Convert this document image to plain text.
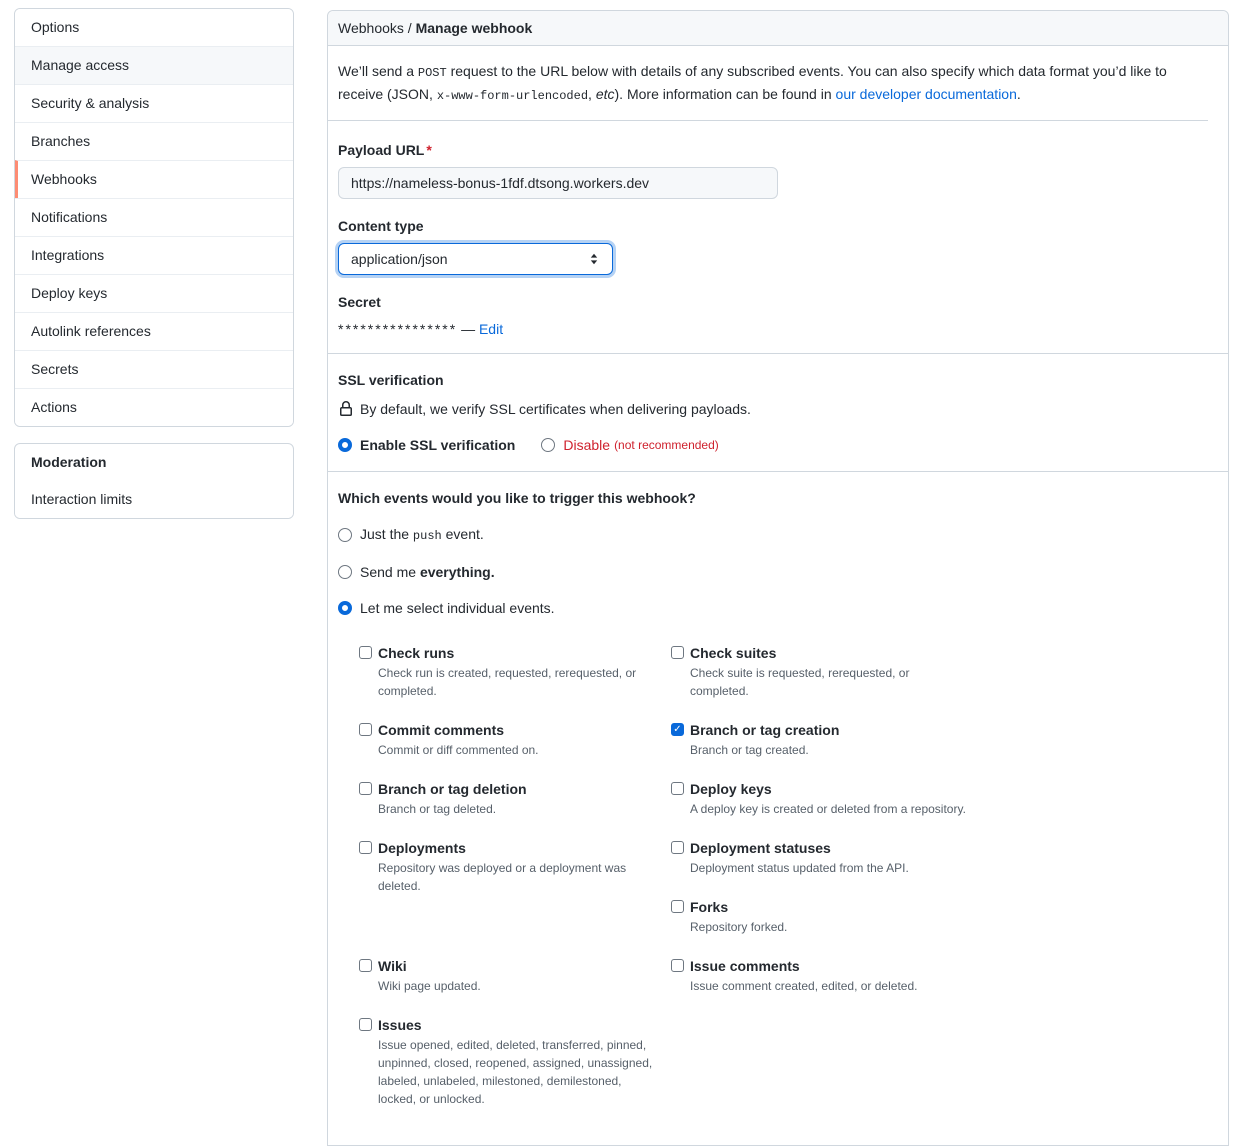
Options
Manage access
Security & analysis
Branches
Webhooks
Notifications
Integrations
Deploy keys
Autolink references
Secrets
Actions
Moderation
Interaction limits
Webhooks / Manage webhook
We’ll send a POST request to the URL below with details of any subscribed events. You can also specify which data format you’d like to receive (JSON, x-www-form-urlencoded, etc). More information can be found in our developer documentation.
Payload URL *
https://nameless-bonus-1fdf.dtsong.workers.dev
Content type
application/json
Secret
**************** — Edit
SSL verification
By default, we verify SSL certificates when delivering payloads.
Enable SSL verification	Disable (not recommended)
Which events would you like to trigger this webhook?
Just the push event.
Send me everything.
Let me select individual events.
Check runs

Check run is created, requested, rerequested, or completed.

Check suites

Check suite is requested, rerequested, or completed.

Commit comments

Commit or diff commented on.

✓ Branch or tag creation

Branch or tag created.

Branch or tag deletion

Branch or tag deleted.

Deploy keys

A deploy key is created or deleted from a repository.

Deployments

Repository was deployed or a deployment was deleted.

Deployment statuses

Deployment status updated from the API.

Forks

Repository forked.

Wiki

Wiki page updated.

Issue comments

Issue comment created, edited, or deleted.

Issues

Issue opened, edited, deleted, transferred, pinned, unpinned, closed, reopened, assigned, unassigned, labeled, unlabeled, milestoned, demilestoned, locked, or unlocked.
